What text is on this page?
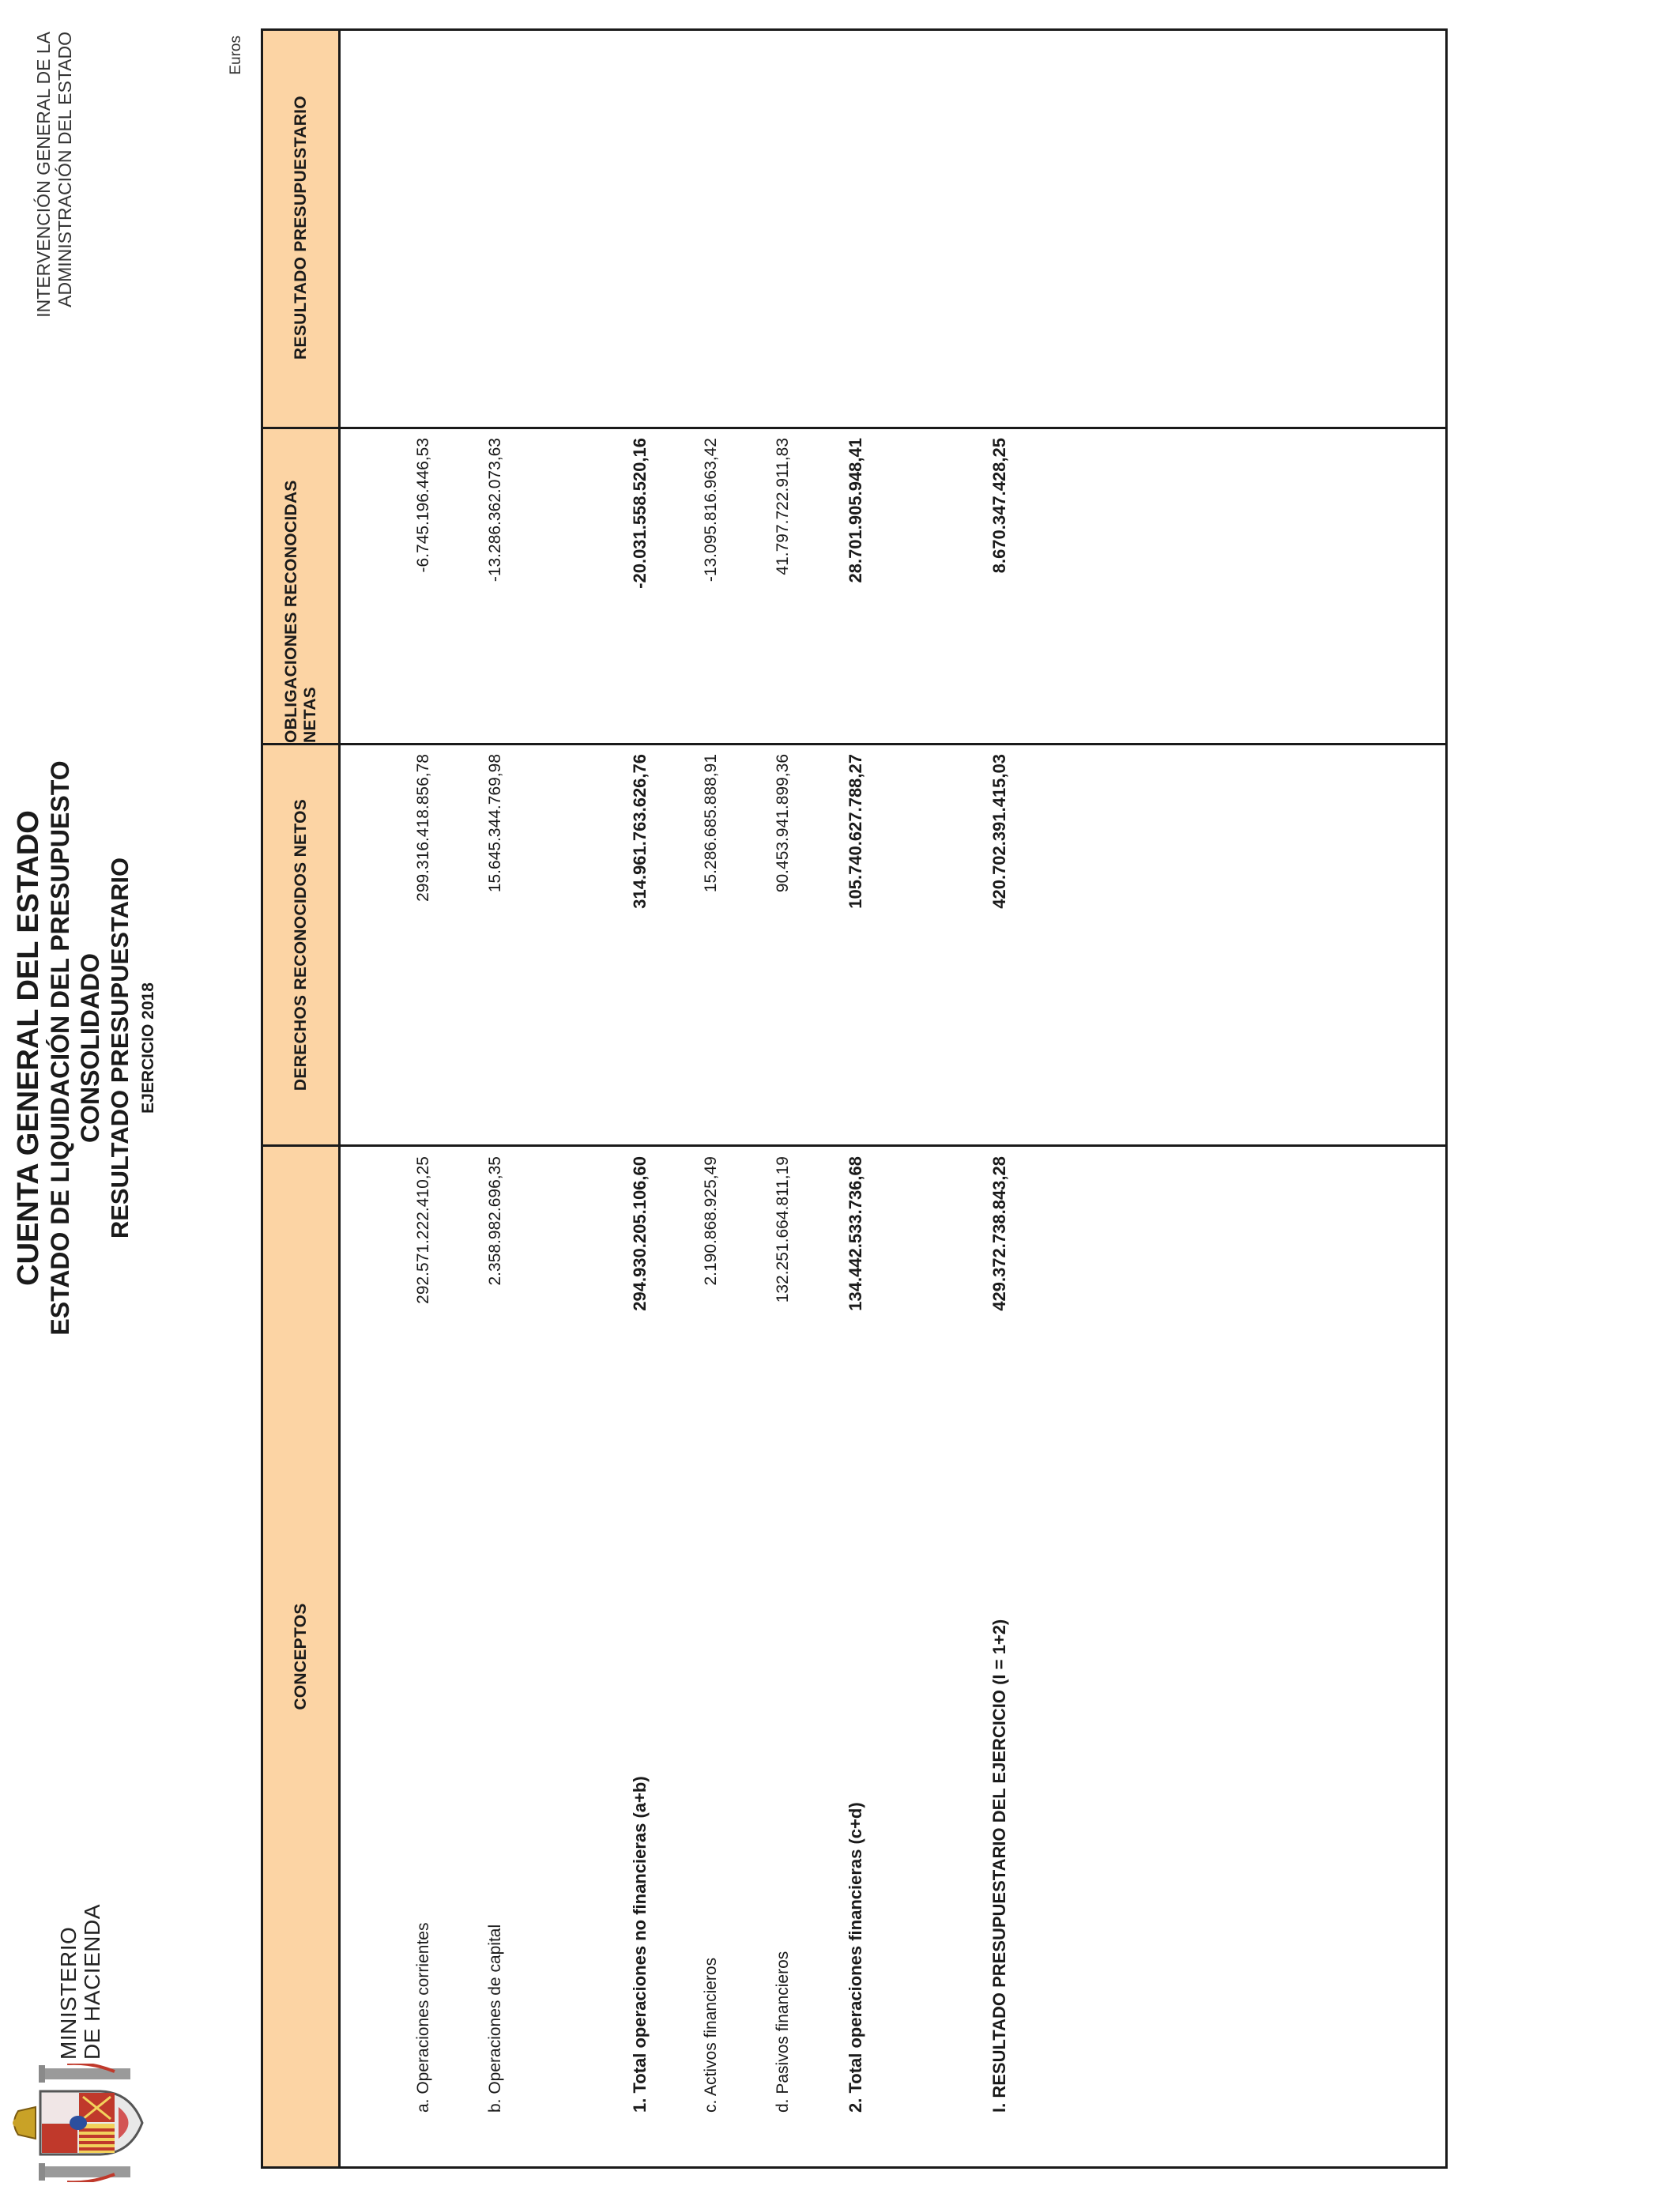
MINISTERIO DE HACIENDA
CUENTA GENERAL DEL ESTADO ESTADO DE LIQUIDACIÓN DEL PRESUPUESTO CONSOLIDADO RESULTADO PRESUPUESTARIO EJERCICIO 2018
INTERVENCIÓN GENERAL DE LA ADMINISTRACIÓN DEL ESTADO	Euros
CONCEPTOS
DERECHOS RECONOCIDOS NETOS
OBLIGACIONES RECONOCIDAS NETAS
RESULTADO PRESUPUESTARIO
a. Operaciones corrientes
292.571.222.410,25
299.316.418.856,78
-6.745.196.446,53
b. Operaciones de capital
2.358.982.696,35
15.645.344.769,98
-13.286.362.073,63
1. Total operaciones no financieras (a+b)
294.930.205.106,60
314.961.763.626,76
-20.031.558.520,16
c. Activos financieros
2.190.868.925,49
15.286.685.888,91
-13.095.816.963,42
d. Pasivos financieros
132.251.664.811,19
90.453.941.899,36
41.797.722.911,83
2. Total operaciones financieras (c+d)
134.442.533.736,68
105.740.627.788,27
28.701.905.948,41
I. RESULTADO PRESUPUESTARIO DEL EJERCICIO (I = 1+2)
429.372.738.843,28
420.702.391.415,03
8.670.347.428,25
